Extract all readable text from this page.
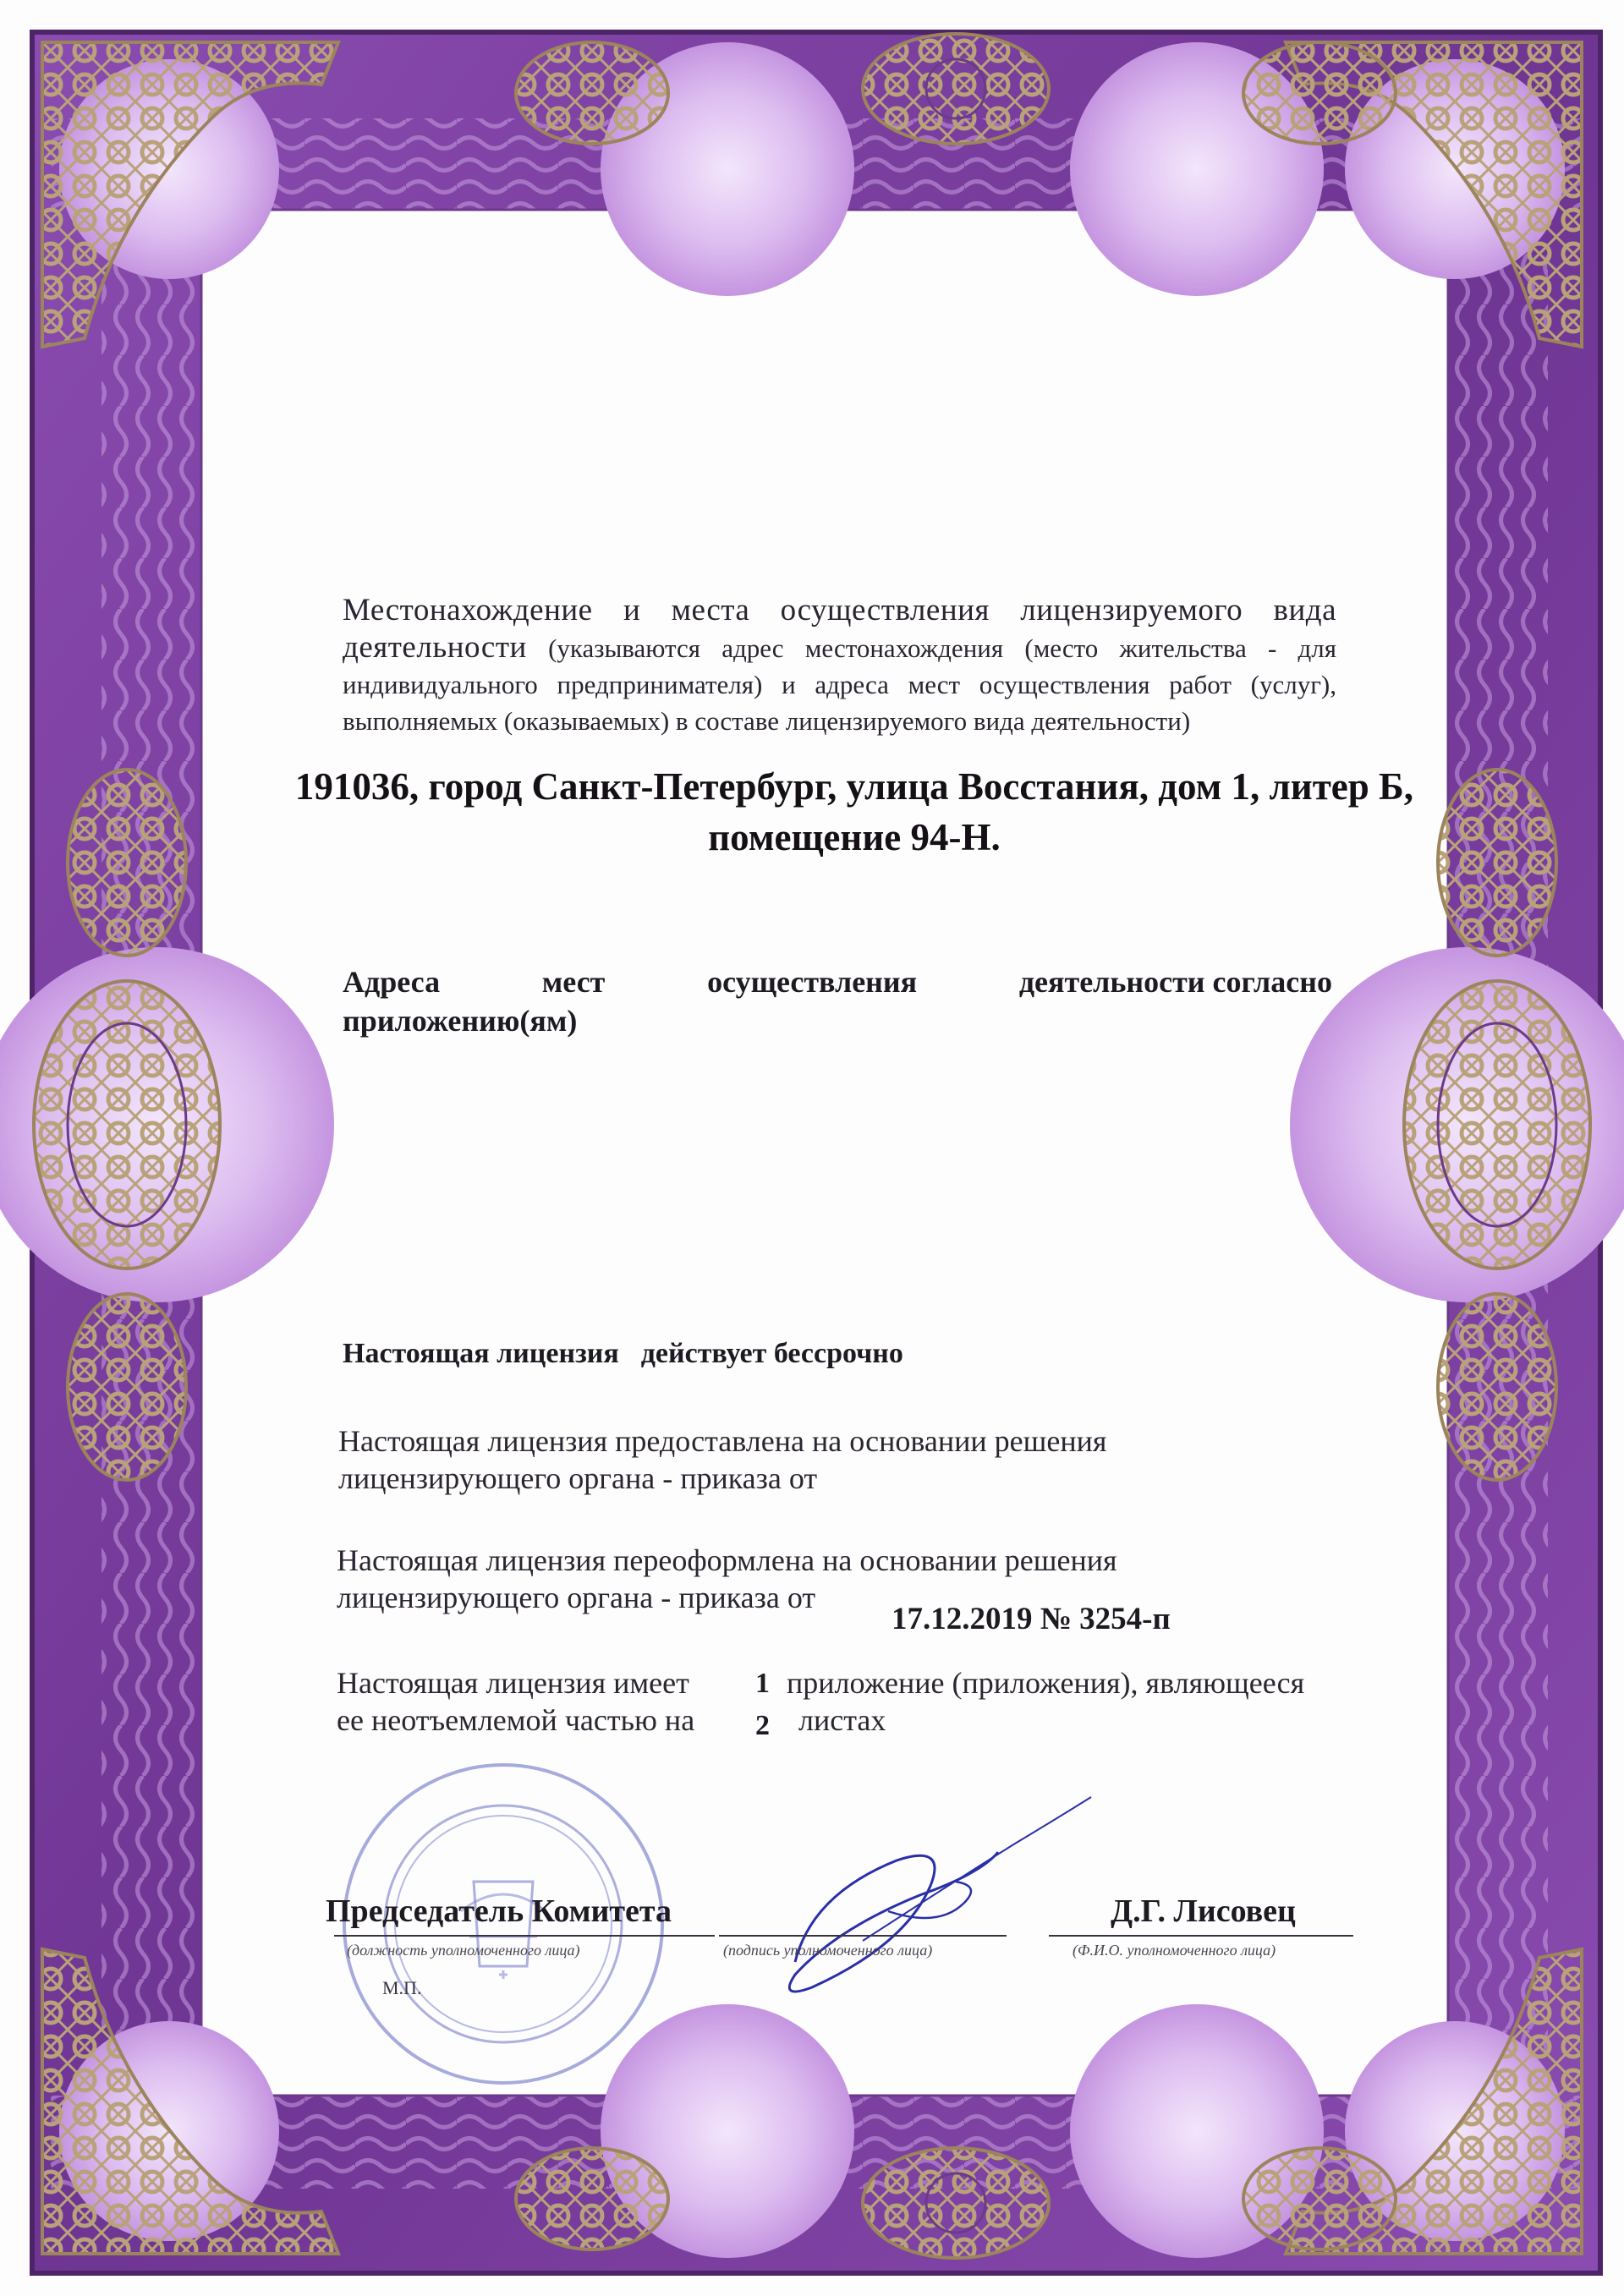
Местонахождение и места осуществления лицензируемого вида деятельности (указываются адрес местонахождения (место жительства - для индивидуального предпринимателя) и адреса мест осуществления работ (услуг), выполняемых (оказываемых) в составе лицензируемого вида деятельности)
191036, город Санкт-Петербург, улица Восстания, дом 1, литер Б,
помещение 94-Н.
Адреса	мест	осуществления	деятельности согласно
приложению(ям)
Настоящая лицензия действует бессрочно
Настоящая лицензия предоставлена на основании решения
лицензирующего органа - приказа от
Настоящая лицензия переоформлена на основании решения
лицензирующего органа - приказа от
17.12.2019 № 3254-п
Настоящая лицензия имеет
ее неотъемлемой частью на
1
2
приложение (приложения), являющееся
листах
Председатель Комитета	Д.Г. Лисовец
(должность уполномоченного лица)	(подпись уполномоченного лица)	(Ф.И.О. уполномоченного лица)
М.П.
